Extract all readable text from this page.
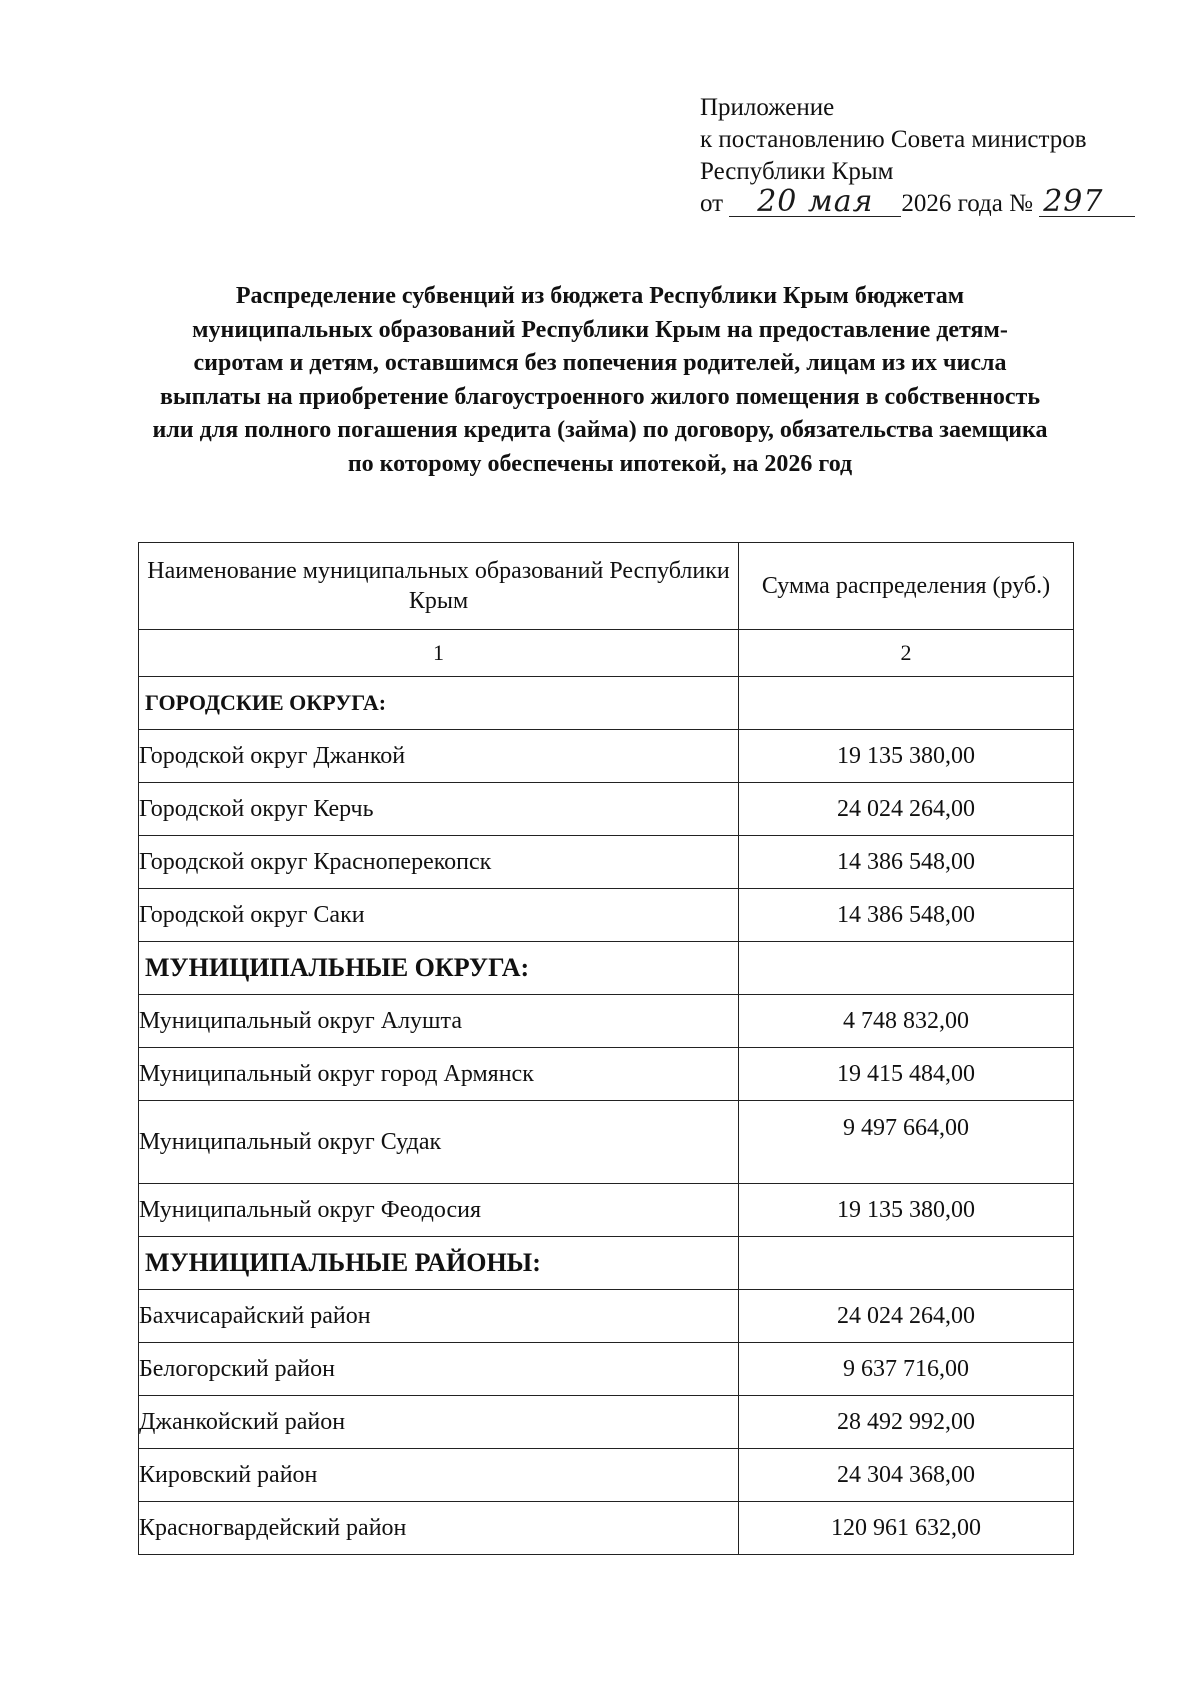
Приложение
к постановлению Совета министров
Республики Крым
от 20 мая 2026 года № 297
Распределение субвенций из бюджета Республики Крым бюджетам муниципальных образований Республики Крым на предоставление детям-сиротам и детям, оставшимся без попечения родителей, лицам из их числа выплаты на приобретение благоустроенного жилого помещения в собственность или для полного погашения кредита (займа) по договору, обязательства заемщика по которому обеспечены ипотекой, на 2026 год
Наименование муниципальных образований Республики Крым	Сумма распределения (руб.)
1	2
ГОРОДСКИЕ ОКРУГА:	
Городской округ Джанкой	19 135 380,00
Городской округ Керчь	24 024 264,00
Городской округ Красноперекопск	14 386 548,00
Городской округ Саки	14 386 548,00
МУНИЦИПАЛЬНЫЕ ОКРУГА:	
Муниципальный округ Алушта	4 748 832,00
Муниципальный округ город Армянск	19 415 484,00
Муниципальный округ Судак	9 497 664,00
Муниципальный округ Феодосия	19 135 380,00
МУНИЦИПАЛЬНЫЕ РАЙОНЫ:	
Бахчисарайский район	24 024 264,00
Белогорский район	9 637 716,00
Джанкойский район	28 492 992,00
Кировский район	24 304 368,00
Красногвардейский район	120 961 632,00
